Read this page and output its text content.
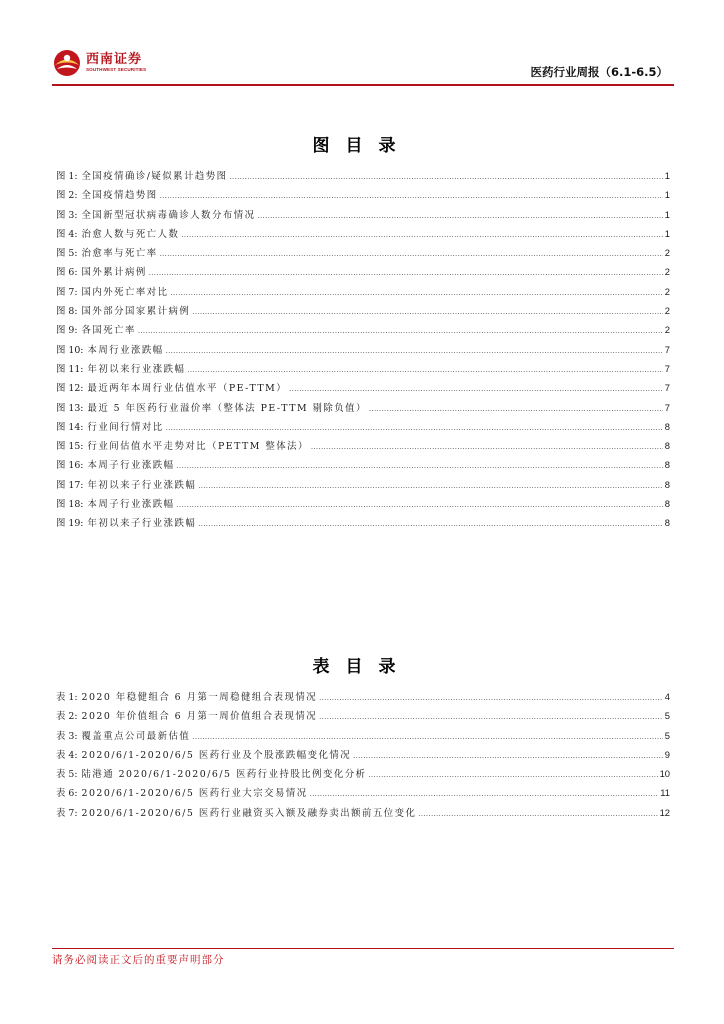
西南证券
SOUTHWEST SECURITIES	医药行业周报（6.1-6.5）
图目录
图 1: 全国疫情确诊/疑似累计趋势图 .....	1
图 2: 全国疫情趋势图 .....	1
图 3: 全国新型冠状病毒确诊人数分布情况 .....	1
图 4: 治愈人数与死亡人数 .....	1
图 5: 治愈率与死亡率 .....	2
图 6: 国外累计病例 .....	2
图 7: 国内外死亡率对比 .....	2
图 8: 国外部分国家累计病例 .....	2
图 9: 各国死亡率 .....	2
图 10: 本周行业涨跌幅 .....	7
图 11: 年初以来行业涨跌幅 .....	7
图 12: 最近两年本周行业估值水平（PE-TTM） .....	7
图 13: 最近 5 年医药行业溢价率（整体法 PE-TTM 剔除负值） .....	7
图 14: 行业间行情对比 .....	8
图 15: 行业间估值水平走势对比（PETTM 整体法） .....	8
图 16: 本周子行业涨跌幅 .....	8
图 17: 年初以来子行业涨跌幅 .....	8
图 18: 本周子行业涨跌幅 .....	8
图 19: 年初以来子行业涨跌幅 .....	8
表目录
表 1: 2020 年稳健组合 6 月第一周稳健组合表现情况 .....	4
表 2: 2020 年价值组合 6 月第一周价值组合表现情况 .....	5
表 3: 覆盖重点公司最新估值 .....	5
表 4: 2020/6/1-2020/6/5 医药行业及个股涨跌幅变化情况 .....	9
表 5: 陆港通 2020/6/1-2020/6/5 医药行业持股比例变化分析 .....	10
表 6: 2020/6/1-2020/6/5 医药行业大宗交易情况 .....	11
表 7: 2020/6/1-2020/6/5 医药行业融资买入额及融券卖出额前五位变化 .....	12
请务必阅读正文后的重要声明部分
